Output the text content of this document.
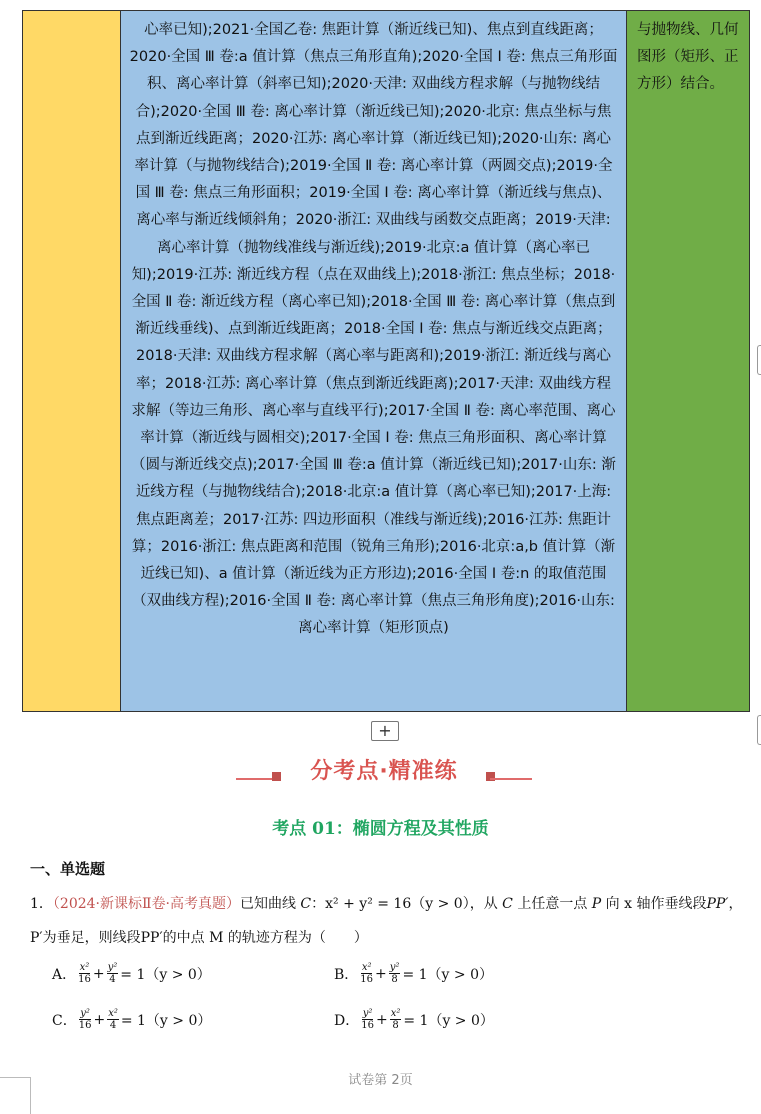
心率已知);2021·全国乙卷: 焦距计算（渐近线已知)、焦点到直线距离；2020·全国 Ⅲ 卷:a 值计算（焦点三角形直角);2020·全国 Ⅰ 卷: 焦点三角形面积、离心率计算（斜率已知);2020·天津: 双曲线方程求解（与抛物线结合);2020·全国 Ⅲ 卷: 离心率计算（渐近线已知);2020·北京: 焦点坐标与焦点到渐近线距离；2020·江苏: 离心率计算（渐近线已知);2020·山东: 离心率计算（与抛物线结合);2019·全国 Ⅱ 卷: 离心率计算（两圆交点);2019·全国 Ⅲ 卷: 焦点三角形面积；2019·全国 Ⅰ 卷: 离心率计算（渐近线与焦点)、离心率与渐近线倾斜角；2020·浙江: 双曲线与函数交点距离；2019·天津: 离心率计算（抛物线准线与渐近线);2019·北京:a 值计算（离心率已知);2019·江苏: 渐近线方程（点在双曲线上);2018·浙江: 焦点坐标；2018·全国 Ⅱ 卷: 渐近线方程（离心率已知);2018·全国 Ⅲ 卷: 离心率计算（焦点到渐近线垂线)、点到渐近线距离；2018·全国 Ⅰ 卷: 焦点与渐近线交点距离；2018·天津: 双曲线方程求解（离心率与距离和);2019·浙江: 渐近线与离心率；2018·江苏: 离心率计算（焦点到渐近线距离);2017·天津: 双曲线方程求解（等边三角形、离心率与直线平行);2017·全国 Ⅱ 卷: 离心率范围、离心率计算（渐近线与圆相交);2017·全国 Ⅰ 卷: 焦点三角形面积、离心率计算（圆与渐近线交点);2017·全国 Ⅲ 卷:a 值计算（渐近线已知);2017·山东: 渐近线方程（与抛物线结合);2018·北京:a 值计算（离心率已知);2017·上海: 焦点距离差；2017·江苏: 四边形面积（准线与渐近线);2016·江苏: 焦距计算；2016·浙江: 焦点距离和范围（锐角三角形);2016·北京:a,b 值计算（渐近线已知)、a 值计算（渐近线为正方形边);2016·全国 Ⅰ 卷:n 的取值范围（双曲线方程);2016·全国 Ⅱ 卷: 离心率计算（焦点三角形角度);2016·山东: 离心率计算（矩形顶点)
与抛物线、几何图形（矩形、正方形）结合。
+
分考点·精准练
考点 01：椭圆方程及其性质
一、单选题
1．（2024·新课标Ⅱ卷·高考真题）已知曲线 C：x² + y² = 16（y > 0），从 C 上任意一点 P 向 x 轴作垂线段PP′，
P′为垂足，则线段PP′的中点 M 的轨迹方程为（　　）
A． $\frac{\text{x²}}{16} + \frac{\text{y²}}{4} = 1(y > 0)$	B． $\frac{\text{x²}}{16} + \frac{\text{y²}}{8} = 1(y > 0)$
C． $\frac{\text{y²}}{16} + \frac{\text{x²}}{4} = 1(y > 0)$	D． $\frac{\text{y²}}{16} + \frac{\text{x²}}{8} = 1(y > 0)$
试卷第 2页
